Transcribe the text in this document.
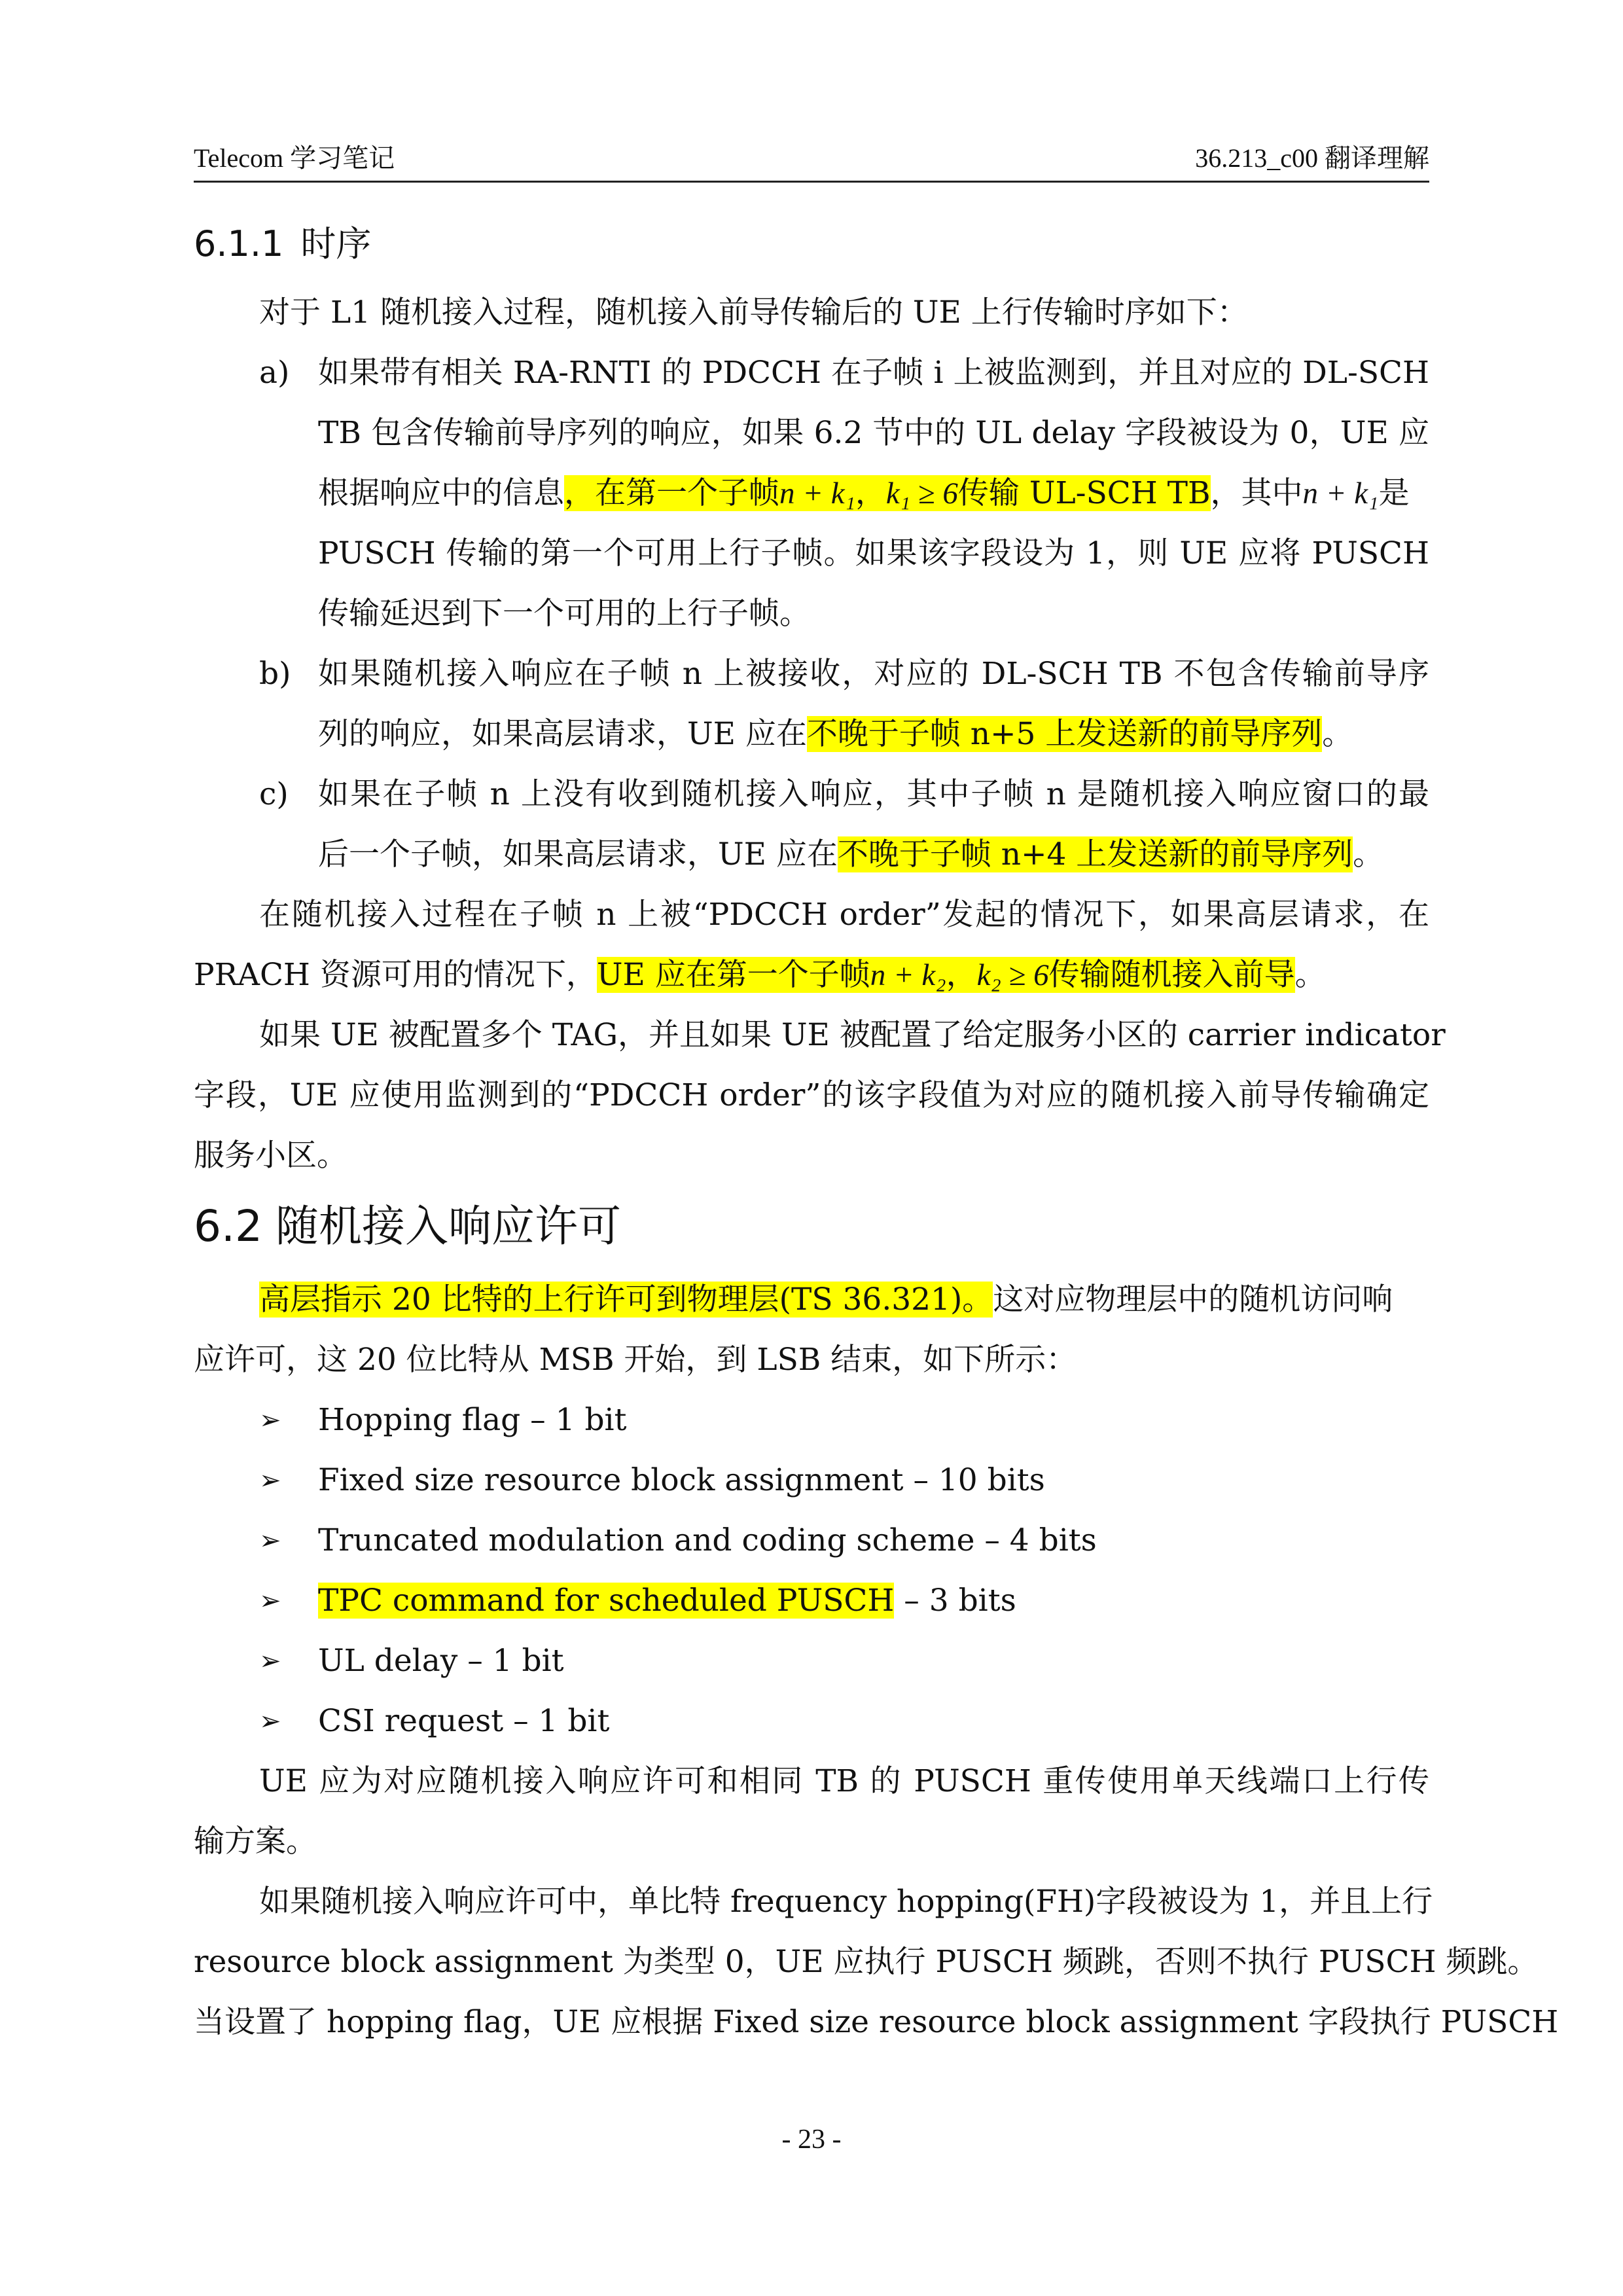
Telecom 学习笔记	36.213_c00 翻译理解
6.1.1 时序
对于 L1 随机接入过程，随机接入前导传输后的 UE 上行传输时序如下：
a) 如果带有相关 RA-RNTI 的 PDCCH 在子帧 i 上被监测到，并且对应的 DL-SCH
TB 包含传输前导序列的响应，如果 6.2 节中的 UL delay 字段被设为 0，UE 应
根据响应中的信息，在第一个子帧n + k₁，k₁ ≥ 6传输 UL-SCH TB，其中n + k₁是
PUSCH 传输的第一个可用上行子帧。如果该字段设为 1，则 UE 应将 PUSCH
传输延迟到下一个可用的上行子帧。
b) 如果随机接入响应在子帧 n 上被接收，对应的 DL-SCH TB 不包含传输前导序
列的响应，如果高层请求，UE 应在不晚于子帧 n+5 上发送新的前导序列。
c) 如果在子帧 n 上没有收到随机接入响应，其中子帧 n 是随机接入响应窗口的最
后一个子帧，如果高层请求，UE 应在不晚于子帧 n+4 上发送新的前导序列。
在随机接入过程在子帧 n 上被“PDCCH order”发起的情况下，如果高层请求，在
PRACH 资源可用的情况下，UE 应在第一个子帧n + k₂，k₂ ≥ 6传输随机接入前导。
如果 UE 被配置多个 TAG，并且如果 UE 被配置了给定服务小区的 carrier indicator
字段，UE 应使用监测到的“PDCCH order”的该字段值为对应的随机接入前导传输确定
服务小区。
6.2 随机接入响应许可
高层指示 20 比特的上行许可到物理层(TS 36.321)。这对应物理层中的随机访问响
应许可，这 20 位比特从 MSB 开始，到 LSB 结束，如下所示：
➢ Hopping flag – 1 bit
➢ Fixed size resource block assignment – 10 bits
➢ Truncated modulation and coding scheme – 4 bits
➢ TPC command for scheduled PUSCH – 3 bits
➢ UL delay – 1 bit
➢ CSI request – 1 bit
UE 应为对应随机接入响应许可和相同 TB 的 PUSCH 重传使用单天线端口上行传
输方案。
如果随机接入响应许可中，单比特 frequency hopping(FH)字段被设为 1，并且上行
resource block assignment 为类型 0，UE 应执行 PUSCH 频跳，否则不执行 PUSCH 频跳。
当设置了 hopping flag，UE 应根据 Fixed size resource block assignment 字段执行 PUSCH
- 23 -
